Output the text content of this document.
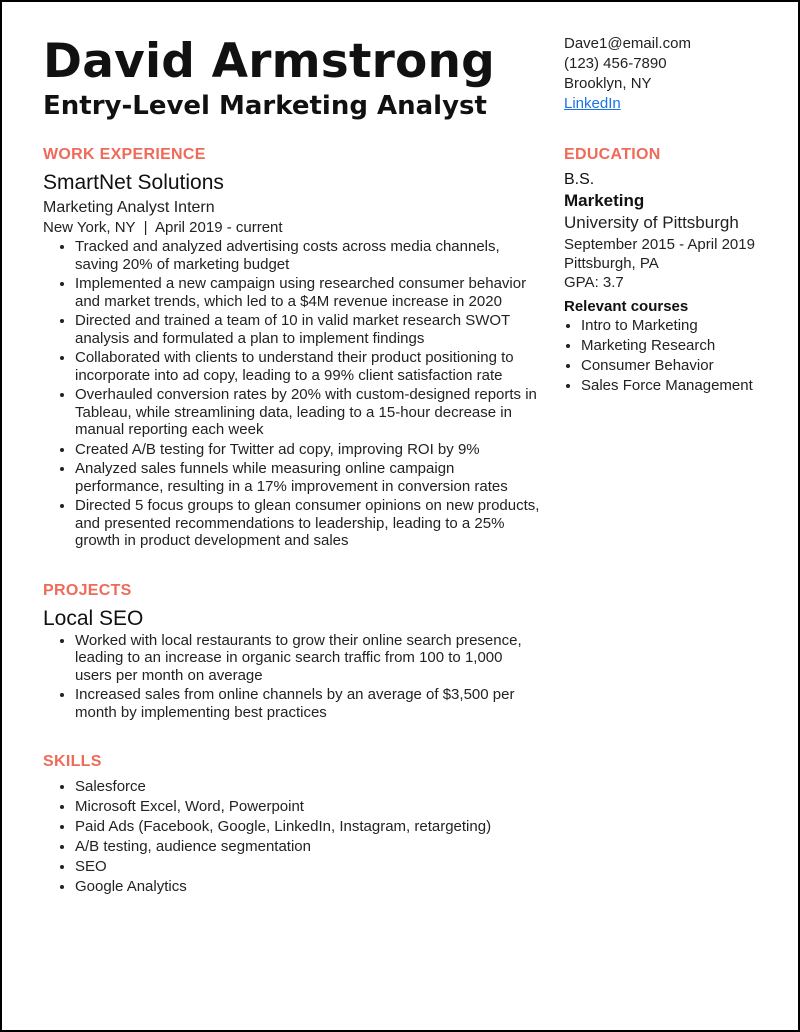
David Armstrong
Entry-Level Marketing Analyst
Dave1@email.com
(123) 456-7890
Brooklyn, NY
LinkedIn
WORK EXPERIENCE
SmartNet Solutions
Marketing Analyst Intern
New York, NY  |  April 2019 - current
• Tracked and analyzed advertising costs across media channels, saving 20% of marketing budget
• Implemented a new campaign using researched consumer behavior and market trends, which led to a $4M revenue increase in 2020
• Directed and trained a team of 10 in valid market research SWOT analysis and formulated a plan to implement findings
• Collaborated with clients to understand their product positioning to incorporate into ad copy, leading to a 99% client satisfaction rate
• Overhauled conversion rates by 20% with custom-designed reports in Tableau, while streamlining data, leading to a 15-hour decrease in manual reporting each week
• Created A/B testing for Twitter ad copy, improving ROI by 9%
• Analyzed sales funnels while measuring online campaign performance, resulting in a 17% improvement in conversion rates
• Directed 5 focus groups to glean consumer opinions on new products, and presented recommendations to leadership, leading to a 25% growth in product development and sales
PROJECTS
Local SEO
• Worked with local restaurants to grow their online search presence, leading to an increase in organic search traffic from 100 to 1,000 users per month on average
• Increased sales from online channels by an average of $3,500 per month by implementing best practices
SKILLS
• Salesforce
• Microsoft Excel, Word, Powerpoint
• Paid Ads (Facebook, Google, LinkedIn, Instagram, retargeting)
• A/B testing, audience segmentation
• SEO
• Google Analytics
EDUCATION
B.S.
Marketing
University of Pittsburgh
September 2015 - April 2019
Pittsburgh, PA
GPA: 3.7
Relevant courses
• Intro to Marketing
• Marketing Research
• Consumer Behavior
• Sales Force Management
